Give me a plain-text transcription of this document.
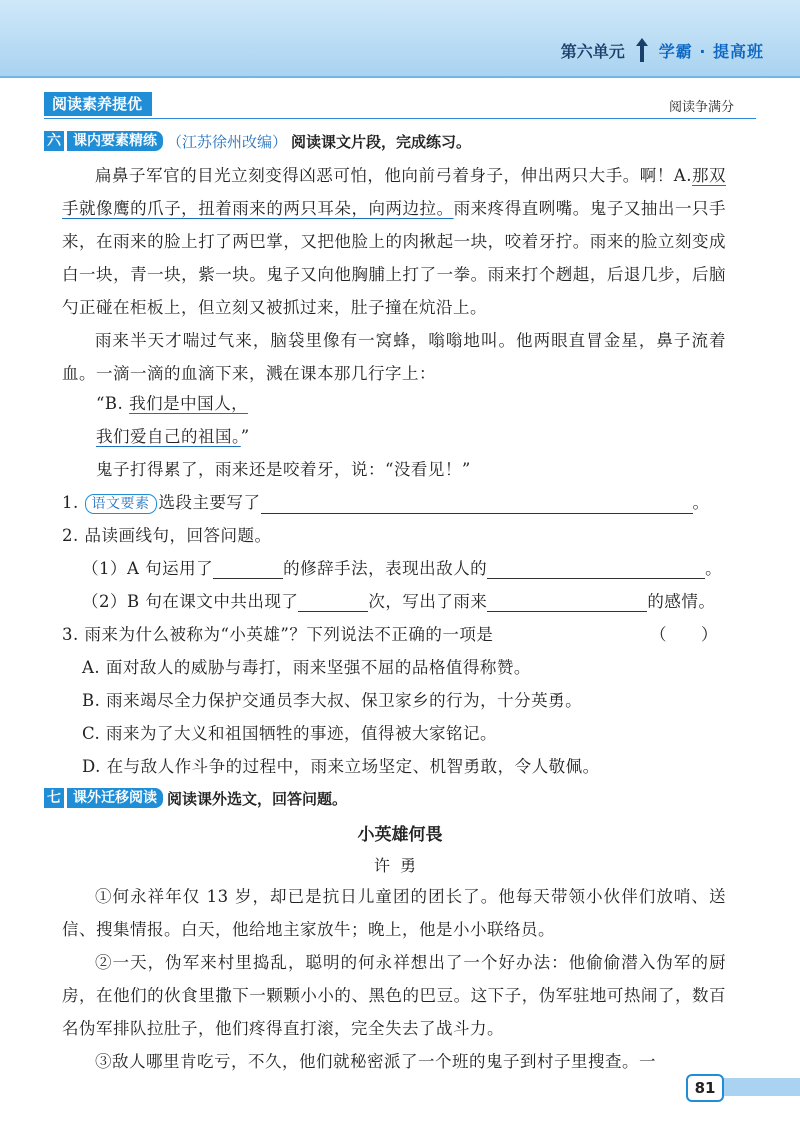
第六单元 学霸 · 提高班
阅读素养提优	阅读争满分
六 课内要素精练 （江苏徐州改编） 阅读课文片段，完成练习。
扁鼻子军官的目光立刻变得凶恶可怕，他向前弓着身子，伸出两只大手。啊！A.那双手就像鹰的爪子，扭着雨来的两只耳朵，向两边拉。雨来疼得直咧嘴。鬼子又抽出一只手来，在雨来的脸上打了两巴掌，又把他脸上的肉揪起一块，咬着牙拧。雨来的脸立刻变成白一块，青一块，紫一块。鬼子又向他胸脯上打了一拳。雨来打个趔趄，后退几步，后脑勺正碰在柜板上，但立刻又被抓过来，肚子撞在炕沿上。
雨来半天才喘过气来，脑袋里像有一窝蜂，嗡嗡地叫。他两眼直冒金星，鼻子流着血。一滴一滴的血滴下来，溅在课本那几行字上：
“B. 我们是中国人，
我们爱自己的祖国。”
鬼子打得累了，雨来还是咬着牙，说：“没看见！”
1. 语文要素 选段主要写了	。
2. 品读画线句，回答问题。
（1）A 句运用了	的修辞手法，表现出敌人的	。
（2）B 句在课文中共出现了	次，写出了雨来	的感情。
3. 雨来为什么被称为“小英雄”？下列说法不正确的一项是	（　　）
A. 面对敌人的威胁与毒打，雨来坚强不屈的品格值得称赞。
B. 雨来竭尽全力保护交通员李大叔、保卫家乡的行为，十分英勇。
C. 雨来为了大义和祖国牺牲的事迹，值得被大家铭记。
D. 在与敌人作斗争的过程中，雨来立场坚定、机智勇敢，令人敬佩。
七 课外迁移阅读 阅读课外选文，回答问题。
小英雄何畏
许勇
①何永祥年仅 13 岁，却已是抗日儿童团的团长了。他每天带领小伙伴们放哨、送信、搜集情报。白天，他给地主家放牛；晚上，他是小小联络员。
②一天，伪军来村里捣乱，聪明的何永祥想出了一个好办法：他偷偷潜入伪军的厨房，在他们的伙食里撒下一颗颗小小的、黑色的巴豆。这下子，伪军驻地可热闹了，数百名伪军排队拉肚子，他们疼得直打滚，完全失去了战斗力。
③敌人哪里肯吃亏，不久，他们就秘密派了一个班的鬼子到村子里搜查。一
81
